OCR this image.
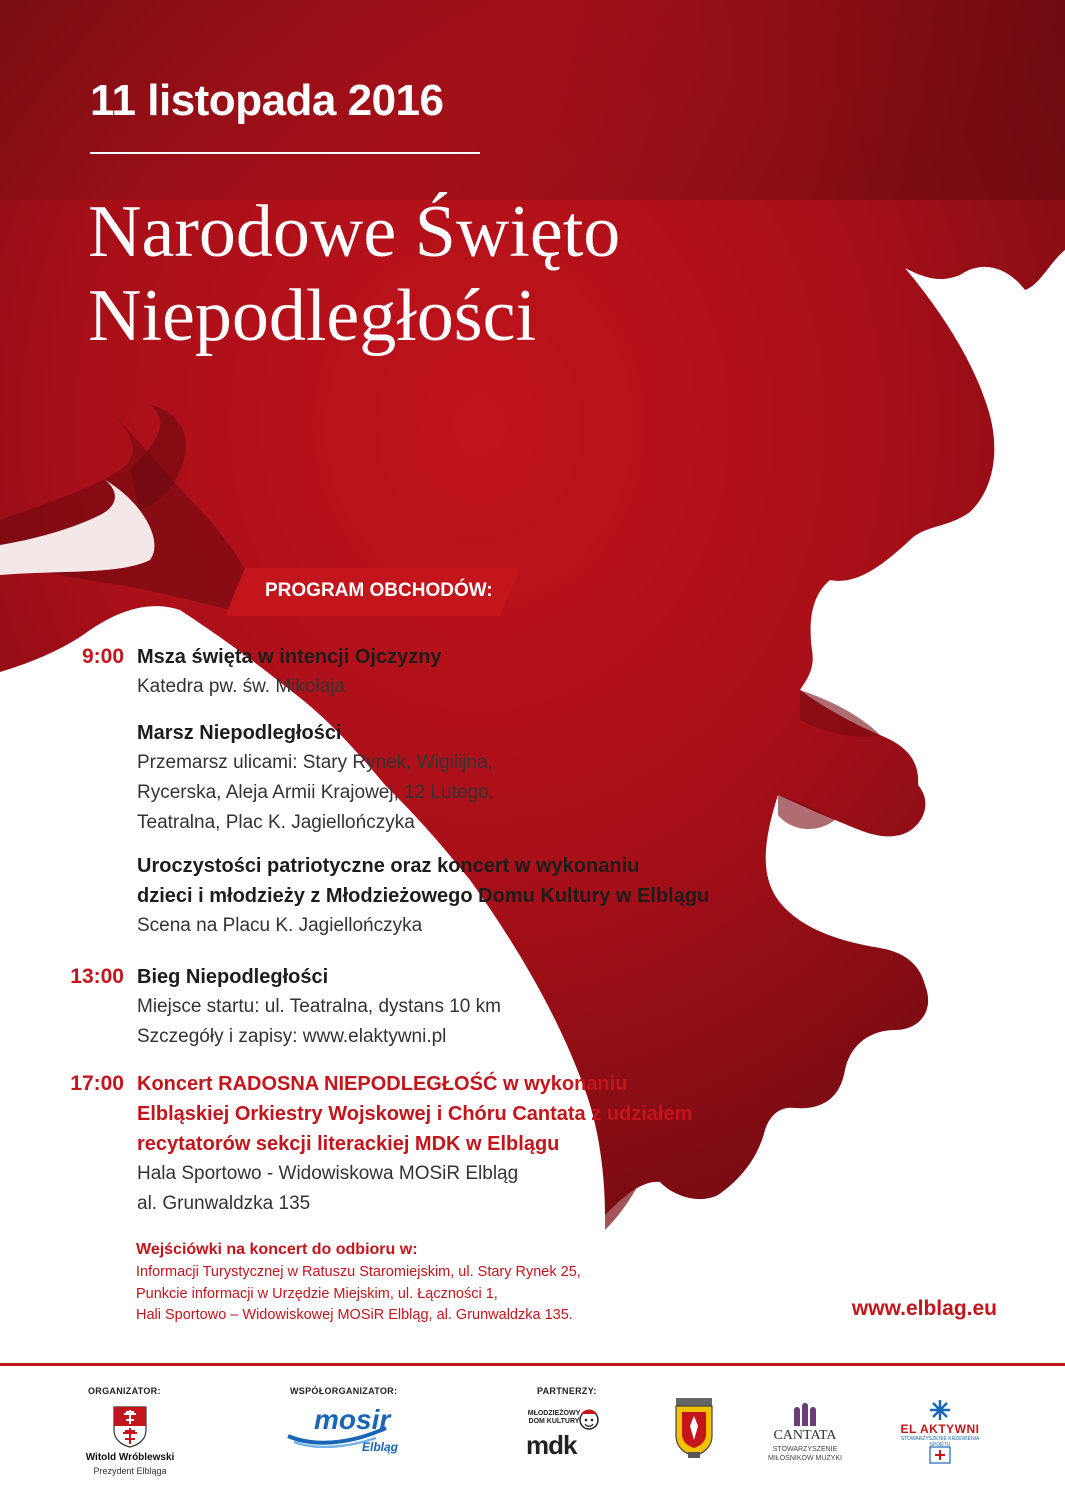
11 listopada 2016
Narodowe Święto
Niepodległości
PROGRAM OBCHODÓW:
9:00 Msza święta w intencji Ojczyzny
Katedra pw. św. Mikołaja
Marsz Niepodległości
Przemarsz ulicami: Stary Rynek, Wigilijna,
Rycerska, Aleja Armii Krajowej, 12 Lutego,
Teatralna, Plac K. Jagiellończyka
Uroczystości patriotyczne oraz koncert w wykonaniu
dzieci i młodzieży z Młodzieżowego Domu Kultury w Elblągu
Scena na Placu K. Jagiellończyka
13:00 Bieg Niepodległości
Miejsce startu: ul. Teatralna, dystans 10 km
Szczegóły i zapisy: www.elaktywni.pl
17:00 Koncert RADOSNA NIEPODLEGŁOŚĆ w wykonaniu
Elbląskiej Orkiestry Wojskowej i Chóru Cantata z udziałem
recytatorów sekcji literackiej MDK w Elblągu
Hala Sportowo - Widowiskowa MOSiR Elbląg
al. Grunwaldzka 135
Wejściówki na koncert do odbioru w:
Informacji Turystycznej w Ratuszu Staromiejskim, ul. Stary Rynek 25,
Punkcie informacji w Urzędzie Miejskim, ul. Łączności 1,
Hali Sportowo – Widowiskowej MOSiR Elbląg, al. Grunwaldzka 135.	www.elblag.eu
ORGANIZATOR:	WSPÓŁORGANIZATOR:	PARTNERZY:
Witold Wróblewski
Prezydent Elbląga
mosir
Elbląg
MŁODZIEŻOWY DOM KULTURY
mdk	CANTATA
STOWARZYSZENIE MIŁOŚNIKÓW MUZYKI
EL AKTYWNI
STOWARZYSZENIE KRZEWIENIA SPORTU
